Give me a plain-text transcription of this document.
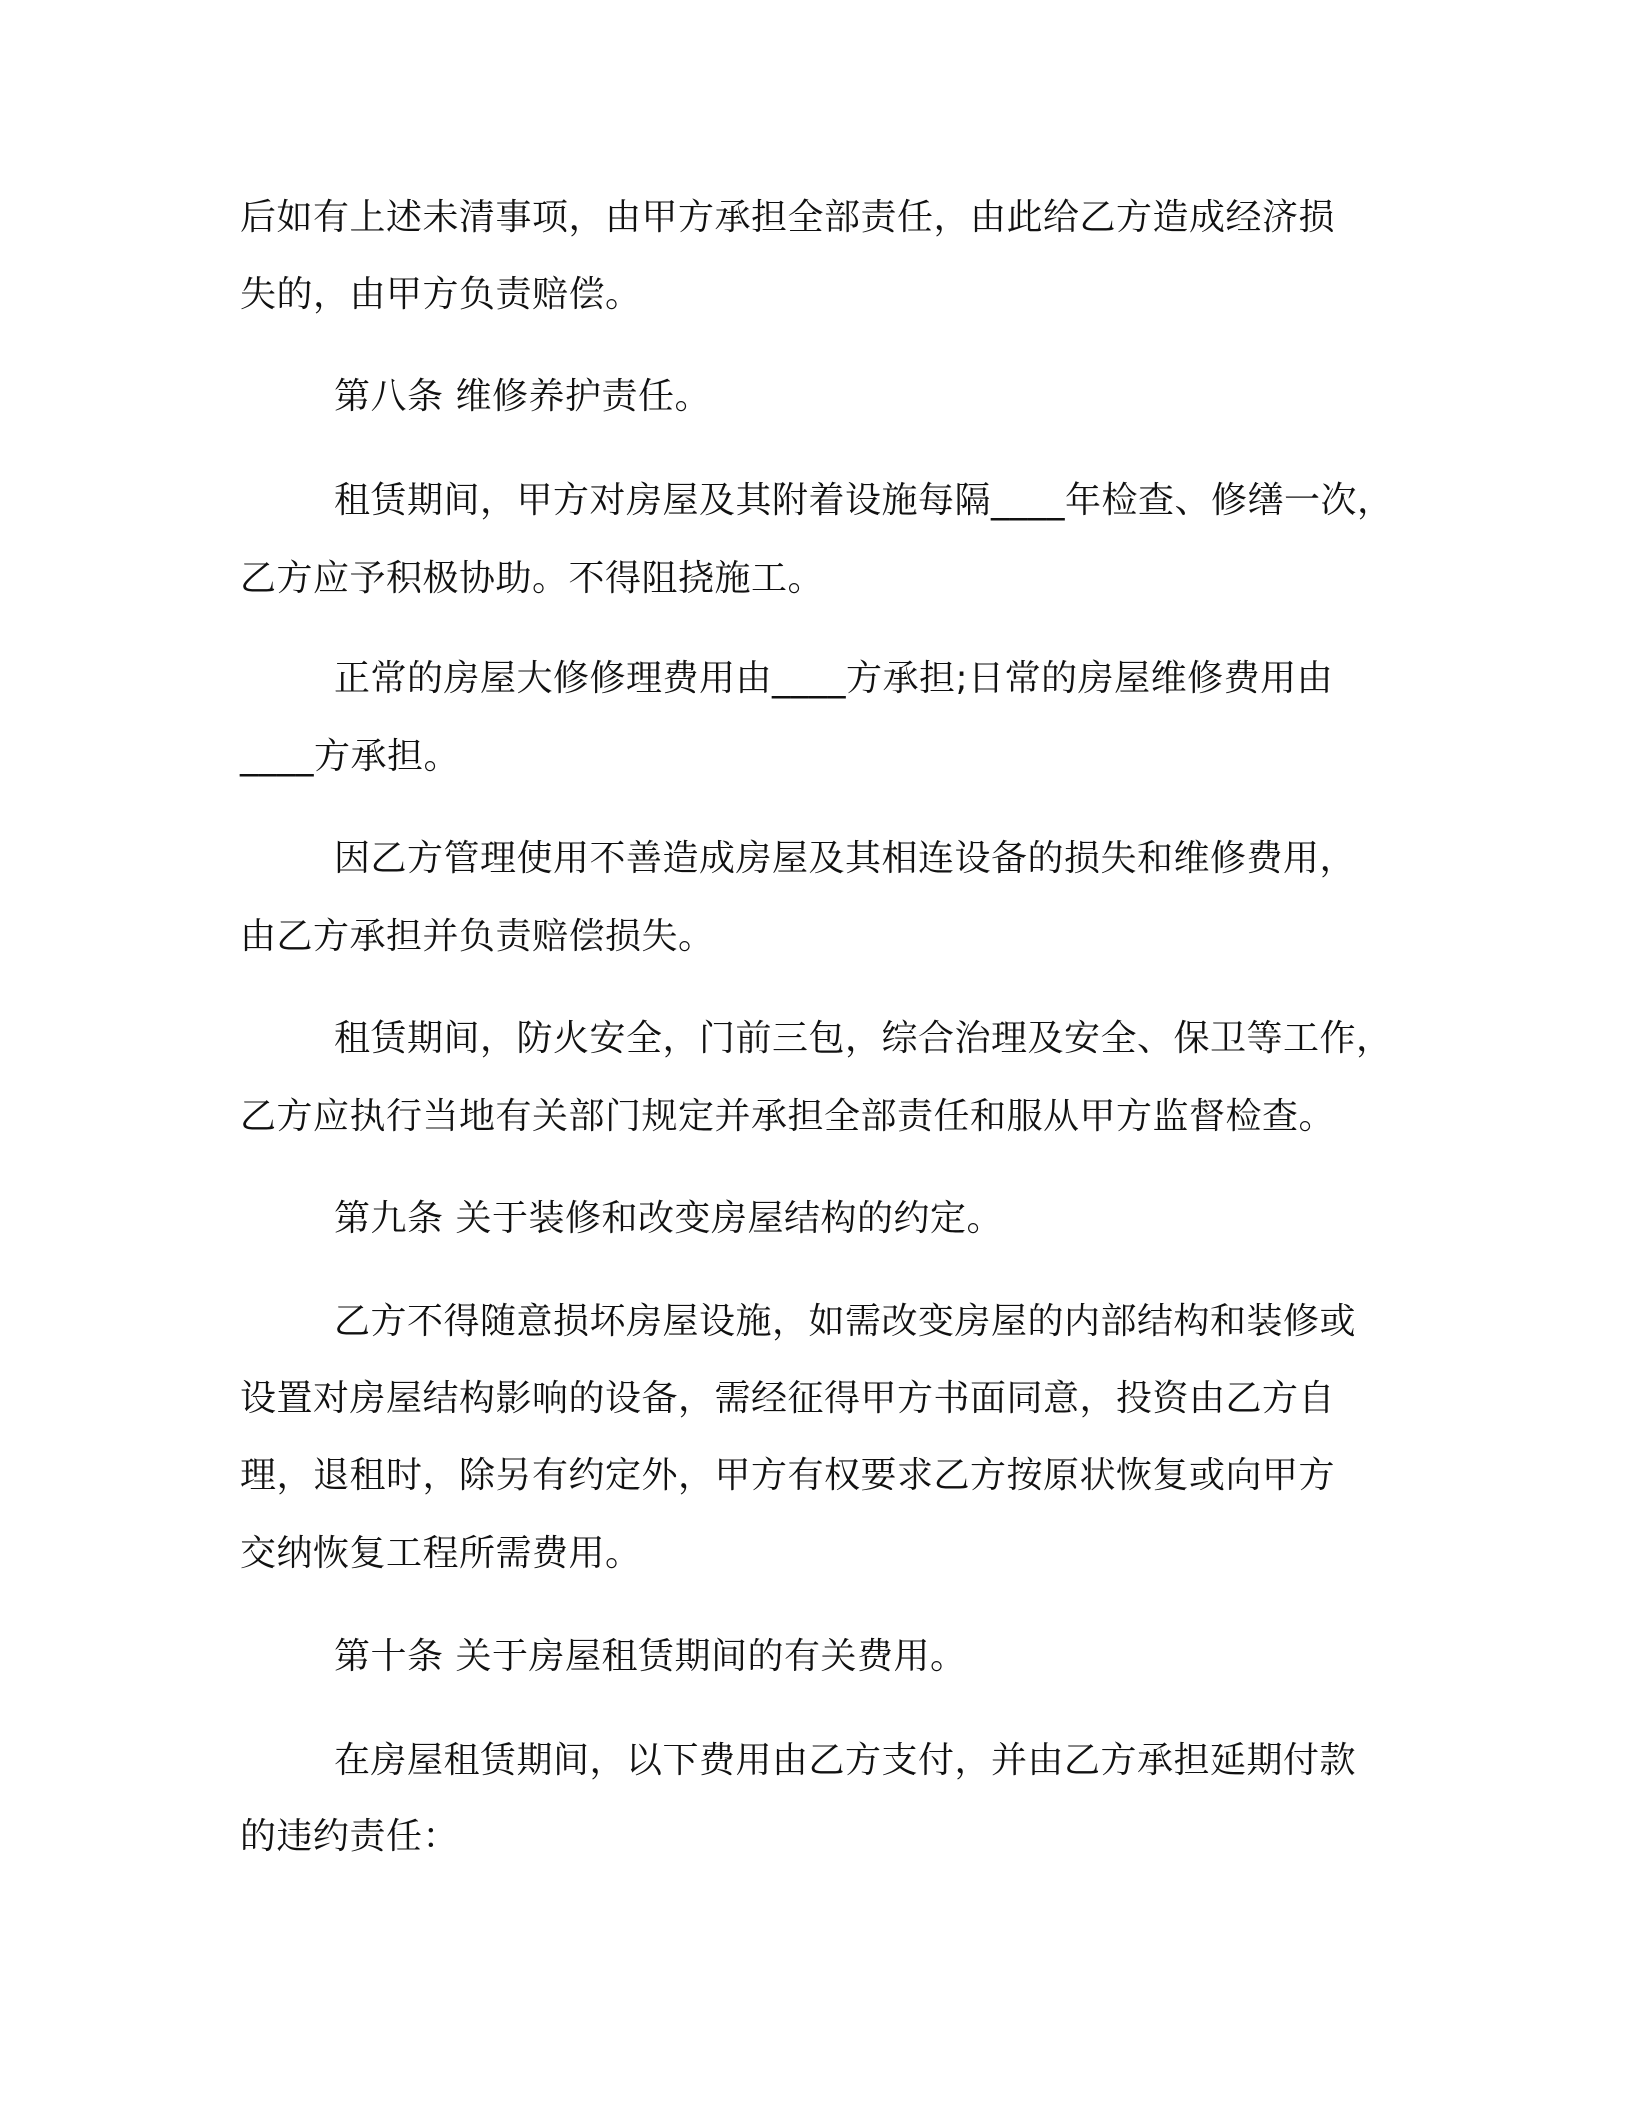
后如有上述未清事项，由甲方承担全部责任，由此给乙方造成经济损
失的，由甲方负责赔偿。
第八条 维修养护责任。
租赁期间，甲方对房屋及其附着设施每隔____年检查、修缮一次，
乙方应予积极协助。不得阻挠施工。
正常的房屋大修修理费用由____方承担;日常的房屋维修费用由
____方承担。
因乙方管理使用不善造成房屋及其相连设备的损失和维修费用，
由乙方承担并负责赔偿损失。
租赁期间，防火安全，门前三包，综合治理及安全、保卫等工作，
乙方应执行当地有关部门规定并承担全部责任和服从甲方监督检查。
第九条 关于装修和改变房屋结构的约定。
乙方不得随意损坏房屋设施，如需改变房屋的内部结构和装修或
设置对房屋结构影响的设备，需经征得甲方书面同意，投资由乙方自
理，退租时，除另有约定外，甲方有权要求乙方按原状恢复或向甲方
交纳恢复工程所需费用。
第十条 关于房屋租赁期间的有关费用。
在房屋租赁期间，以下费用由乙方支付，并由乙方承担延期付款
的违约责任：
